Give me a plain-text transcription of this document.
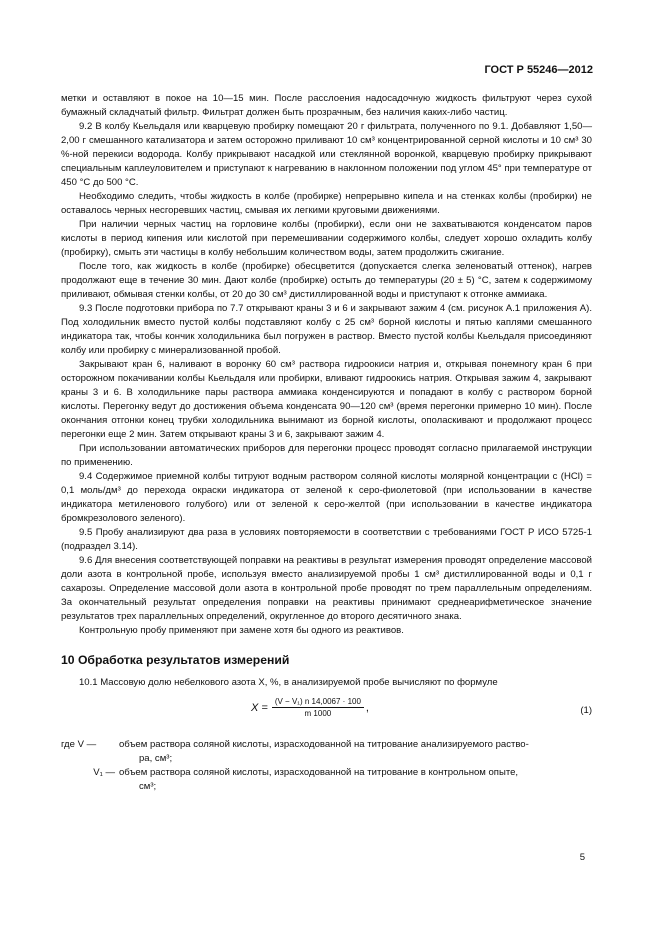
ГОСТ Р 55246—2012

метки и оставляют в покое на 10—15 мин. После расслоения надосадочную жидкость фильтруют через сухой бумажный складчатый фильтр. Фильтрат должен быть прозрачным, без наличия каких-либо частиц.

9.2 В колбу Кьельдаля или кварцевую пробирку помещают 20 г фильтрата, полученного по 9.1. Добавляют 1,50—2,00 г смешанного катализатора и затем осторожно приливают 10 см³ концентрированной серной кислоты и 10 см³ 30 %-ной перекиси водорода. Колбу прикрывают насадкой или стеклянной воронкой, кварцевую пробирку прикрывают специальным каплеуловителем и приступают к нагреванию в наклонном положении под углом 45° при температуре от 450 °С до 500 °С.

Необходимо следить, чтобы жидкость в колбе (пробирке) непрерывно кипела и на стенках колбы (пробирки) не оставалось черных несгоревших частиц, смывая их легкими круговыми движениями.

При наличии черных частиц на горловине колбы (пробирки), если они не захватываются конденсатом паров кислоты в период кипения или кислотой при перемешивании содержимого колбы, следует хорошо охладить колбу (пробирку), смыть эти частицы в колбу небольшим количеством воды, затем продолжить сжигание.

После того, как жидкость в колбе (пробирке) обесцветится (допускается слегка зеленоватый оттенок), нагрев продолжают еще в течение 30 мин. Дают колбе (пробирке) остыть до температуры (20 ± 5) °С, затем к содержимому приливают, обмывая стенки колбы, от 20 до 30 см³ дистиллированной воды и приступают к отгонке аммиака.

9.3 После подготовки прибора по 7.7 открывают краны 3 и 6 и закрывают зажим 4 (см. рисунок А.1 приложения А). Под холодильник вместо пустой колбы подставляют колбу с 25 см³ борной кислоты и пятью каплями смешанного индикатора так, чтобы кончик холодильника был погружен в раствор. Вместо пустой колбы Кьельдаля присоединяют колбу или пробирку с минерализованной пробой.

Закрывают кран 6, наливают в воронку 60 см³ раствора гидроокиси натрия и, открывая понемногу кран 6 при осторожном покачивании колбы Кьельдаля или пробирки, вливают гидроокись натрия. Открывая зажим 4, закрывают краны 3 и 6. В холодильнике пары раствора аммиака конденсируются и попадают в колбу с раствором борной кислоты. Перегонку ведут до достижения объема конденсата 90—120 см³ (время перегонки примерно 10 мин). После окончания отгонки конец трубки холодильника вынимают из борной кислоты, ополаскивают и продолжают процесс перегонки еще 2 мин. Затем открывают краны 3 и 6, закрывают зажим 4.

При использовании автоматических приборов для перегонки процесс проводят согласно прилагаемой инструкции по применению.

9.4 Содержимое приемной колбы титруют водным раствором соляной кислоты молярной концентрации с (HCl) = 0,1 моль/дм³ до перехода окраски индикатора от зеленой к серо-фиолетовой (при использовании в качестве индикатора метиленового голубого) или от зеленой к серо-желтой (при использовании в качестве индикатора бромкрезолового зеленого).

9.5 Пробу анализируют два раза в условиях повторяемости в соответствии с требованиями ГОСТ Р ИСО 5725-1 (подраздел 3.14).

9.6 Для внесения соответствующей поправки на реактивы в результат измерения проводят определение массовой доли азота в контрольной пробе, используя вместо анализируемой пробы 1 см³ дистиллированной воды и 0,1 г сахарозы. Определение массовой доли азота в контрольной пробе проводят по трем параллельным определениям. За окончательный результат определения поправки на реактивы принимают среднеарифметическое значение результатов трех параллельных определений, округленное до второго десятичного знака.

Контрольную пробу применяют при замене хотя бы одного из реактивов.

10 Обработка результатов измерений

10.1 Массовую долю небелкового азота X, %, в анализируемой пробе вычисляют по формуле

$X = \frac{\text{(V − V₁) n 14,0067 · 100}}{m 1000}$ ,	(1)
где V —	объем раствора соляной кислоты, израсходованной на титрование анализируемого раство-
ра, см³;
V₁ — объем раствора соляной кислоты, израсходованной на титрование в контрольном опыте,
см³;
5
